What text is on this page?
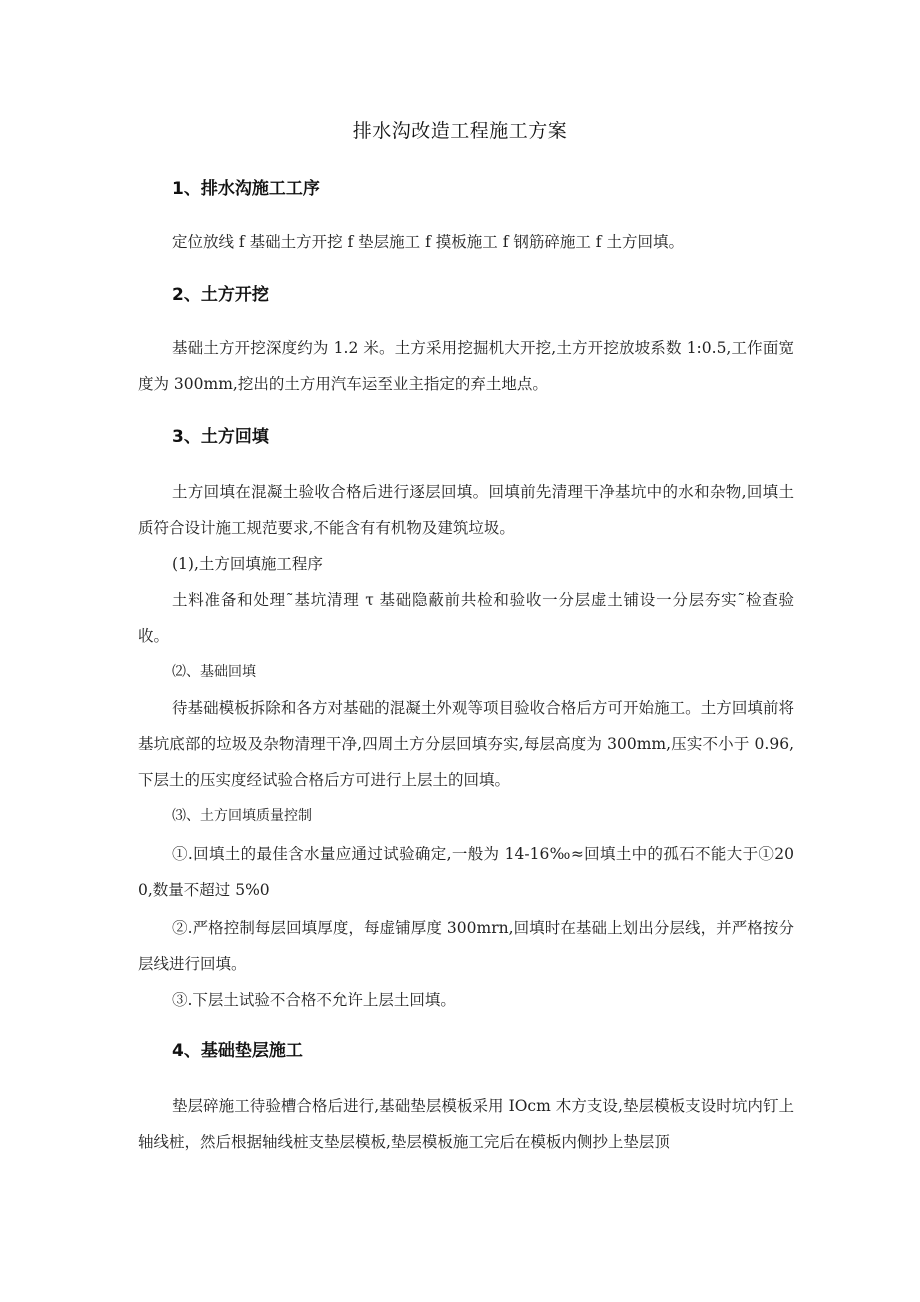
排水沟改造工程施工方案
1、排水沟施工工序
定位放线 f 基础土方开挖 f 垫层施工 f 摸板施工 f 钢筋碎施工 f 土方回填。
2、土方开挖
基础土方开挖深度约为 1.2 米。土方采用挖掘机大开挖,土方开挖放坡系数 1:0.5,工作面宽度为 300mm,挖出的土方用汽车运至业主指定的弃土地点。
3、土方回填
土方回填在混凝土验收合格后进行逐层回填。回填前先清理干净基坑中的水和杂物,回填土质符合设计施工规范要求,不能含有有机物及建筑垃圾。
(1),土方回填施工程序
土料准备和处理˜基坑清理 τ 基础隐蔽前共检和验收一分层虚土铺设一分层夯实˜检查验收。
⑵、基础回填
待基础模板拆除和各方对基础的混凝土外观等项目验收合格后方可开始施工。土方回填前将基坑底部的垃圾及杂物清理干净,四周土方分层回填夯实,每层高度为 300mm,压实不小于 0.96,下层土的压实度经试验合格后方可进行上层土的回填。
⑶、土方回填质量控制
①.回填土的最佳含水量应通过试验确定,一般为 14-16‰≈回填土中的孤石不能大于①200,数量不超过 5%0
②.严格控制每层回填厚度，每虚铺厚度 300mrn,回填时在基础上划出分层线，并严格按分层线进行回填。
③.下层土试验不合格不允许上层土回填。
4、基础垫层施工
垫层碎施工待验槽合格后进行,基础垫层模板采用 IOcm 木方支设,垫层模板支设时坑内钉上轴线桩，然后根据轴线桩支垫层模板,垫层模板施工完后在模板内侧抄上垫层顶
